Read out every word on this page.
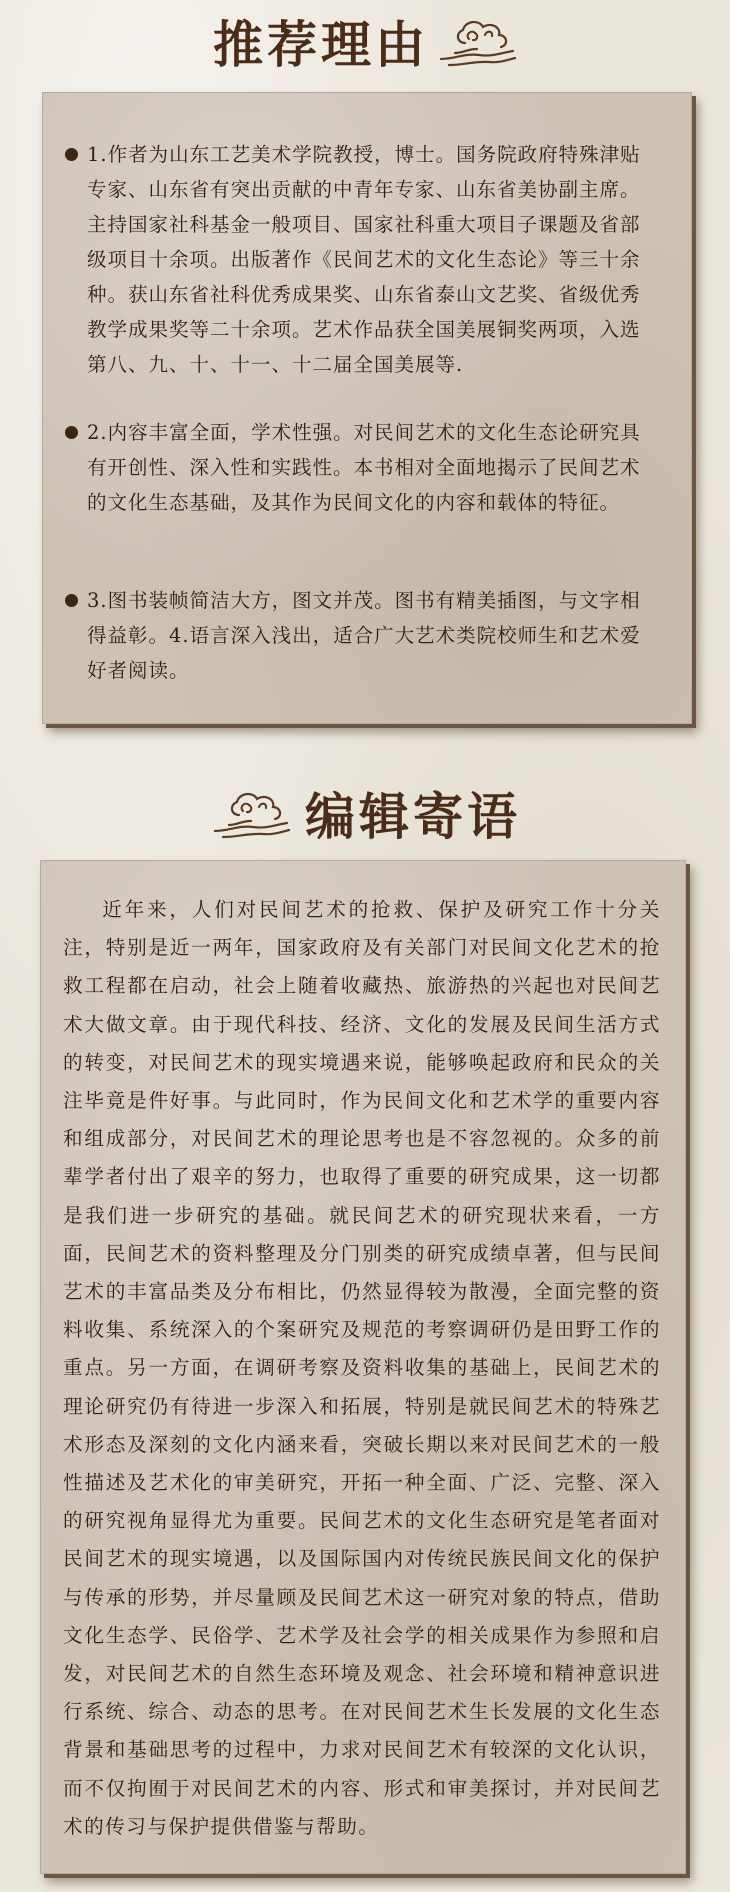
推荐理由
1.作者为山东工艺美术学院教授，博士。国务院政府特殊津贴专家、山东省有突出贡献的中青年专家、山东省美协副主席。主持国家社科基金一般项目、国家社科重大项目子课题及省部级项目十余项。出版著作《民间艺术的文化生态论》等三十余种。获山东省社科优秀成果奖、山东省泰山文艺奖、省级优秀教学成果奖等二十余项。艺术作品获全国美展铜奖两项，入选第八、九、十、十一、十二届全国美展等.
2.内容丰富全面，学术性强。对民间艺术的文化生态论研究具有开创性、深入性和实践性。本书相对全面地揭示了民间艺术的文化生态基础，及其作为民间文化的内容和载体的特征。
3.图书装帧简洁大方，图文并茂。图书有精美插图，与文字相得益彰。4.语言深入浅出，适合广大艺术类院校师生和艺术爱好者阅读。
编辑寄语

近年来，人们对民间艺术的抢救、保护及研究工作十分关注，特别是近一两年，国家政府及有关部门对民间文化艺术的抢救工程都在启动，社会上随着收藏热、旅游热的兴起也对民间艺术大做文章。由于现代科技、经济、文化的发展及民间生活方式的转变，对民间艺术的现实境遇来说，能够唤起政府和民众的关注毕竟是件好事。与此同时，作为民间文化和艺术学的重要内容和组成部分，对民间艺术的理论思考也是不容忽视的。众多的前辈学者付出了艰辛的努力，也取得了重要的研究成果，这一切都是我们进一步研究的基础。就民间艺术的研究现状来看，一方面，民间艺术的资料整理及分门别类的研究成绩卓著，但与民间艺术的丰富品类及分布相比，仍然显得较为散漫，全面完整的资料收集、系统深入的个案研究及规范的考察调研仍是田野工作的重点。另一方面，在调研考察及资料收集的基础上，民间艺术的理论研究仍有待进一步深入和拓展，特别是就民间艺术的特殊艺术形态及深刻的文化内涵来看，突破长期以来对民间艺术的一般性描述及艺术化的审美研究，开拓一种全面、广泛、完整、深入的研究视角显得尤为重要。民间艺术的文化生态研究是笔者面对民间艺术的现实境遇，以及国际国内对传统民族民间文化的保护与传承的形势，并尽量顾及民间艺术这一研究对象的特点，借助文化生态学、民俗学、艺术学及社会学的相关成果作为参照和启发，对民间艺术的自然生态环境及观念、社会环境和精神意识进行系统、综合、动态的思考。在对民间艺术生长发展的文化生态背景和基础思考的过程中，力求对民间艺术有较深的文化认识，而不仅拘囿于对民间艺术的内容、形式和审美探讨，并对民间艺术的传习与保护提供借鉴与帮助。
